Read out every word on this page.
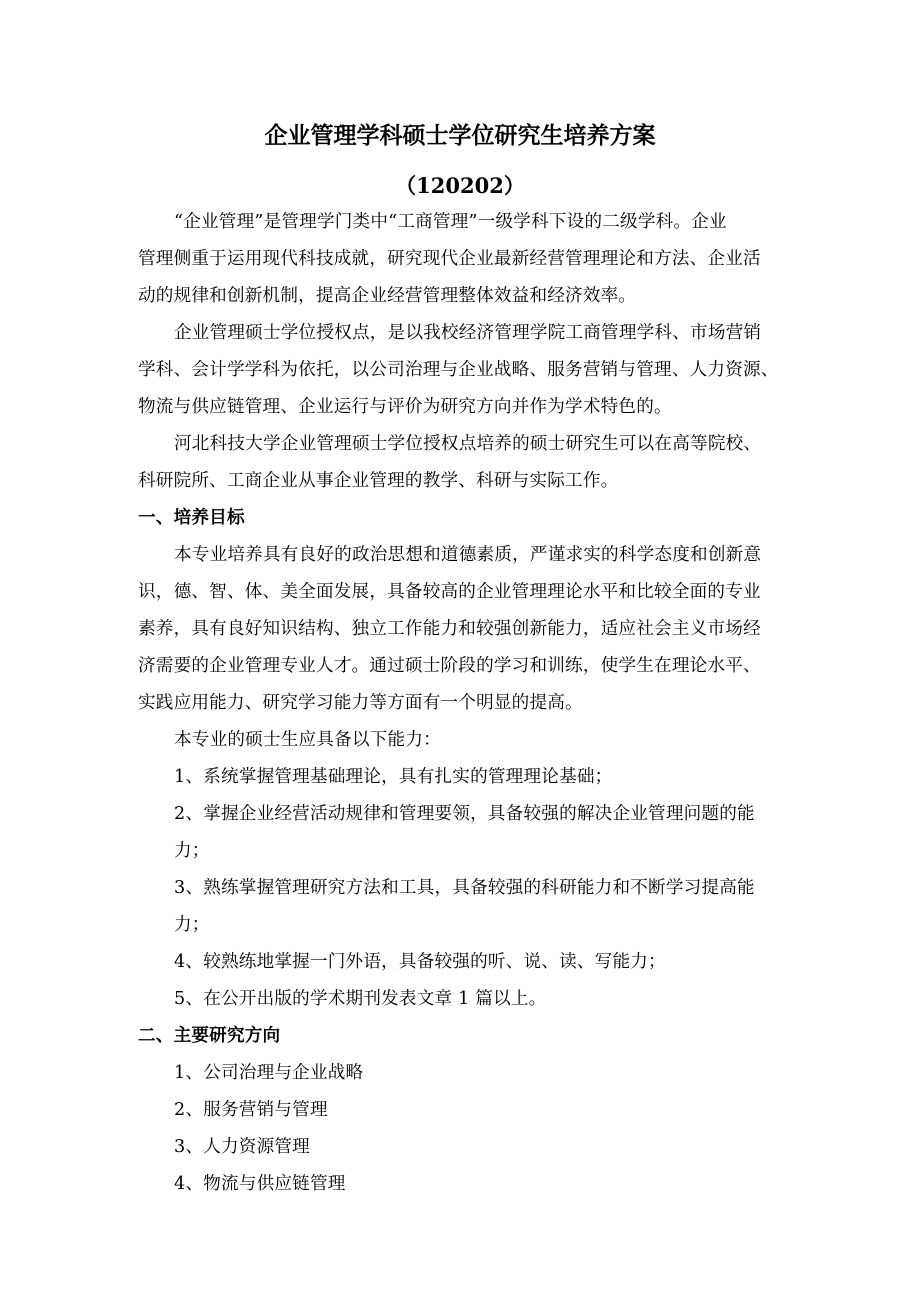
企业管理学科硕士学位研究生培养方案
（120202）
“企业管理”是管理学门类中“工商管理”一级学科下设的二级学科。企业
管理侧重于运用现代科技成就，研究现代企业最新经营管理理论和方法、企业活
动的规律和创新机制，提高企业经营管理整体效益和经济效率。
企业管理硕士学位授权点，是以我校经济管理学院工商管理学科、市场营销
学科、会计学学科为依托，以公司治理与企业战略、服务营销与管理、人力资源、
物流与供应链管理、企业运行与评价为研究方向并作为学术特色的。
河北科技大学企业管理硕士学位授权点培养的硕士研究生可以在高等院校、
科研院所、工商企业从事企业管理的教学、科研与实际工作。
一、培养目标
本专业培养具有良好的政治思想和道德素质，严谨求实的科学态度和创新意
识，德、智、体、美全面发展，具备较高的企业管理理论水平和比较全面的专业
素养，具有良好知识结构、独立工作能力和较强创新能力，适应社会主义市场经
济需要的企业管理专业人才。通过硕士阶段的学习和训练，使学生在理论水平、
实践应用能力、研究学习能力等方面有一个明显的提高。
本专业的硕士生应具备以下能力：
1、系统掌握管理基础理论，具有扎实的管理理论基础；
2、掌握企业经营活动规律和管理要领，具备较强的解决企业管理问题的能
力；
3、熟练掌握管理研究方法和工具，具备较强的科研能力和不断学习提高能
力；
4、较熟练地掌握一门外语，具备较强的听、说、读、写能力；
5、在公开出版的学术期刊发表文章 1 篇以上。
二、主要研究方向
1、公司治理与企业战略
2、服务营销与管理
3、人力资源管理
4、物流与供应链管理
